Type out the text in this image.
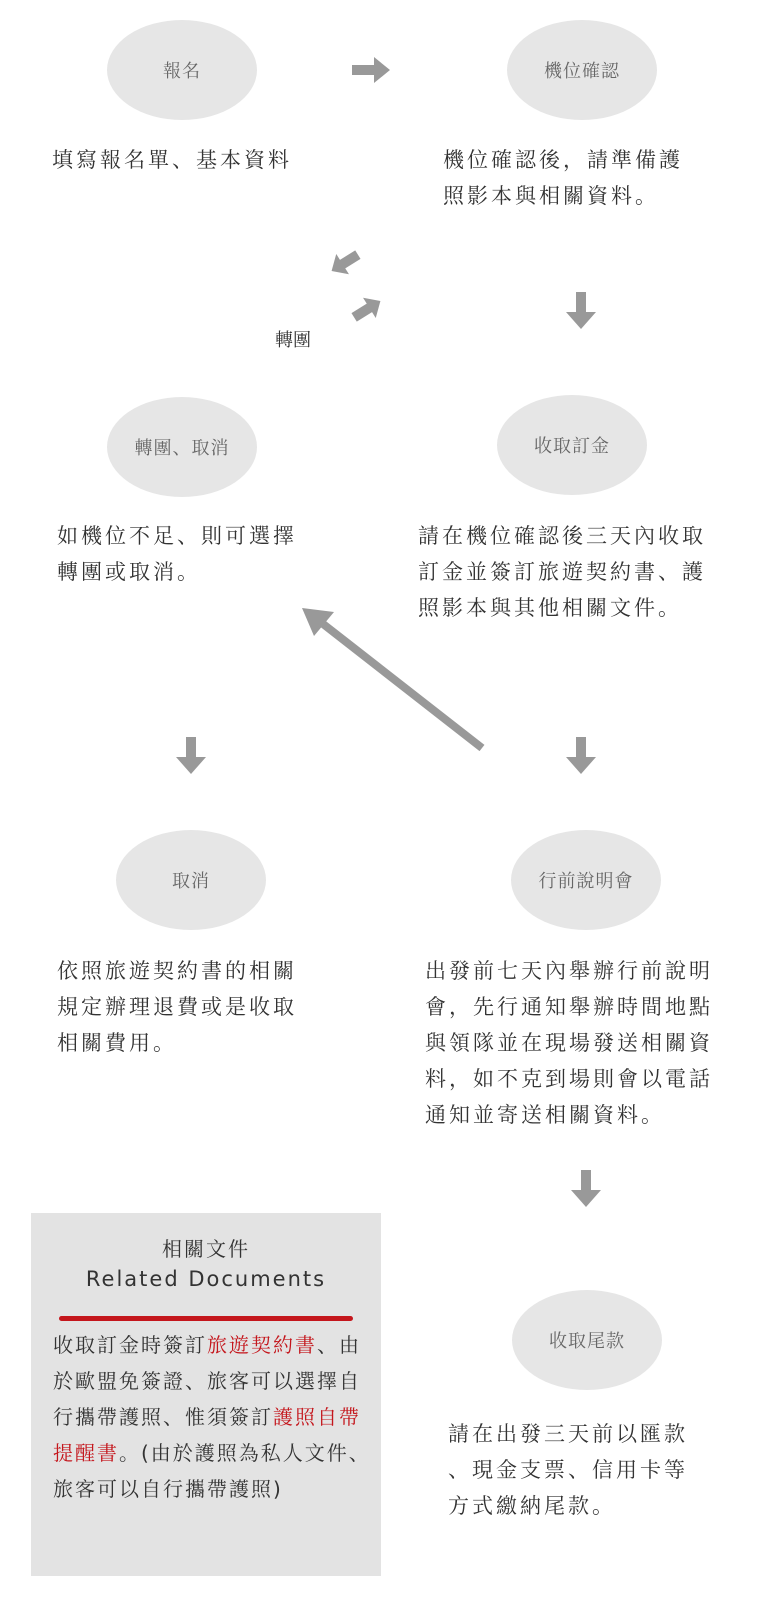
報名	機位確認
轉團、取消	收取訂金
取消	行前說明會
收取尾款
填寫報名單、基本資料	機位確認後，請準備護
照影本與相關資料。
如機位不足、則可選擇
轉團或取消。
請在機位確認後三天內收取
訂金並簽訂旅遊契約書、護
照影本與其他相關文件。
依照旅遊契約書的相關
規定辦理退費或是收取
相關費用。
出發前七天內舉辦行前說明
會，先行通知舉辦時間地點
與領隊並在現場發送相關資
料，如不克到場則會以電話
通知並寄送相關資料。
請在出發三天前以匯款
、現金支票、信用卡等
方式繳納尾款。
轉團
相關文件
Related Documents
收取訂金時簽訂旅遊契約書、由於歐盟免簽證、旅客可以選擇自行攜帶護照、惟須簽訂護照自帶提醒書。(由於護照為私人文件、旅客可以自行攜帶護照)
